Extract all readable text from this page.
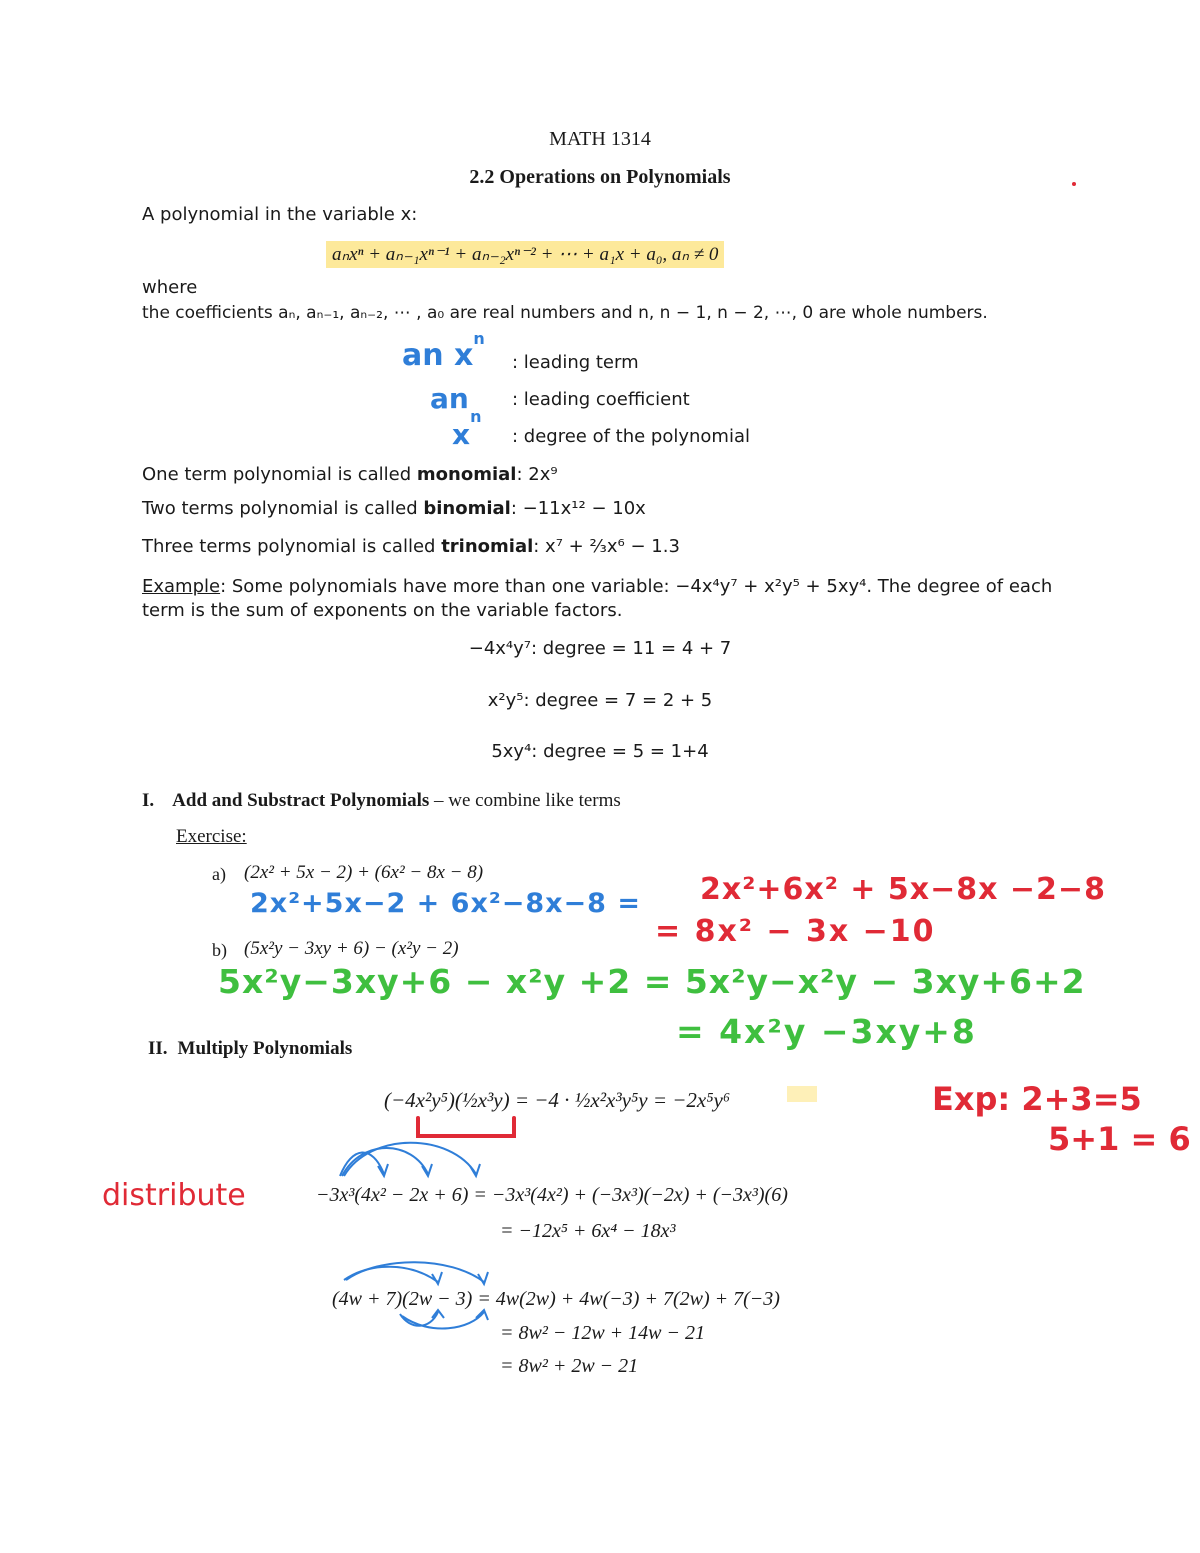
MATH 1314
2.2 Operations on Polynomials
A polynomial in the variable x:
aₙxⁿ + aₙ₋₁xⁿ⁻¹ + aₙ₋₂xⁿ⁻² + ⋯ + a₁x + a₀, aₙ ≠ 0
where
the coefficients aₙ, aₙ₋₁, aₙ₋₂, ⋯ , a₀ are real numbers and n, n − 1, n − 2, ⋯, 0 are whole numbers.
an $x^n$
: leading term
an : leading coefficient
$x^n$
: degree of the polynomial
One term polynomial is called monomial: 2x⁹
Two terms polynomial is called binomial: −11x¹² − 10x
Three terms polynomial is called trinomial: x⁷ + ²⁄₃x⁶ − 1.3
Example: Some polynomials have more than one variable: −4x⁴y⁷ + x²y⁵ + 5xy⁴. The degree of each
term is the sum of exponents on the variable factors.
−4x⁴y⁷: degree = 11 = 4 + 7
x²y⁵: degree = 7 = 2 + 5
5xy⁴: degree = 5 = 1+4
I. Add and Substract Polynomials – we combine like terms
Exercise:
a) (2x² + 5x − 2) + (6x² − 8x − 8)
2x²+5x−2 + 6x²−8x−8 = 2x²+6x² + 5x−8x −2−8
= 8x² − 3x −10
b) (5x²y − 3xy + 6) − (x²y − 2)
5x²y−3xy+6 − x²y +2 = 5x²y−x²y − 3xy+6+2
= 4x²y −3xy+8
II. Multiply Polynomials
(−4x²y⁵)(½x³y) = −4 · ½x²x³y⁵y = −2x⁵y⁶	Exp: 2+3=5
5+1 = 6
distribute	−3x³(4x² − 2x + 6) = −3x³(4x²) + (−3x³)(−2x) + (−3x³)(6)
= −12x⁵ + 6x⁴ − 18x³
(4w + 7)(2w − 3) = 4w(2w) + 4w(−3) + 7(2w) + 7(−3)
= 8w² − 12w + 14w − 21
= 8w² + 2w − 21
